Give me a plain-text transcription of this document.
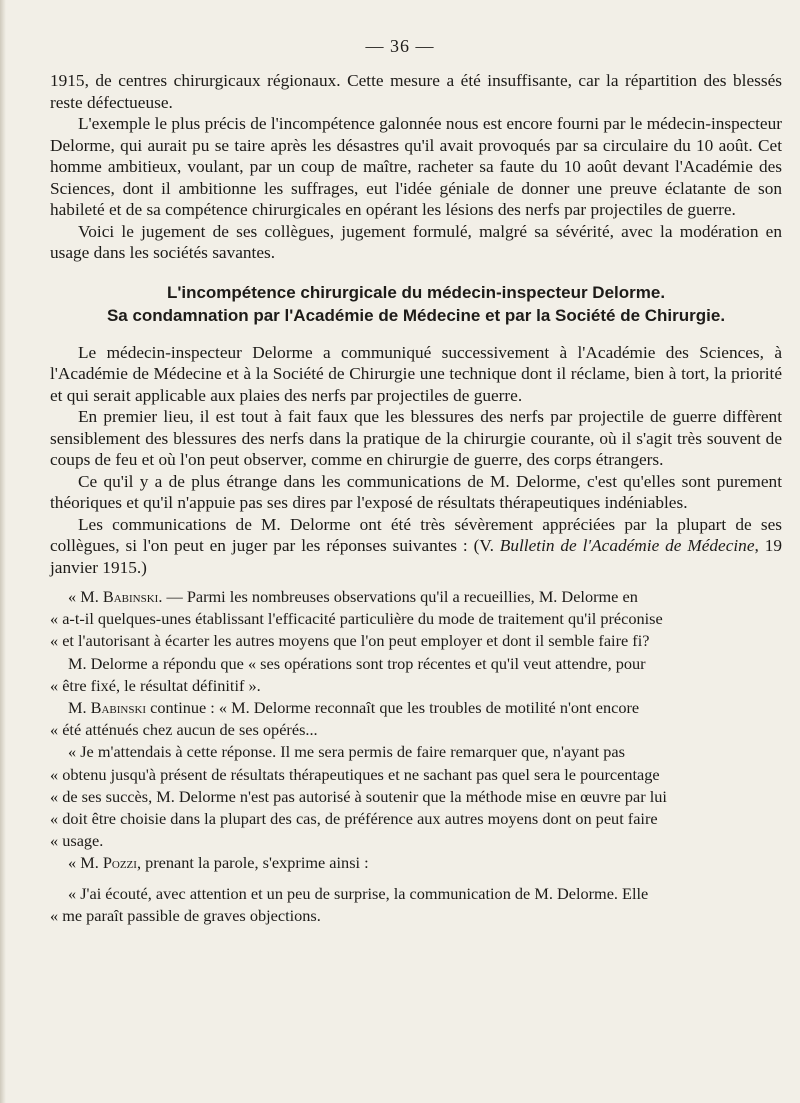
— 36 —

1915, de centres chirurgicaux régionaux. Cette mesure a été insuffisante, car la répartition des blessés reste défectueuse.

L'exemple le plus précis de l'incompétence galonnée nous est encore fourni par le médecin-inspecteur Delorme, qui aurait pu se taire après les désastres qu'il avait provoqués par sa circulaire du 10 août. Cet homme ambitieux, voulant, par un coup de maître, racheter sa faute du 10 août devant l'Académie des Sciences, dont il ambitionne les suffrages, eut l'idée géniale de donner une preuve éclatante de son habileté et de sa compétence chirurgicales en opérant les lésions des nerfs par projectiles de guerre.

Voici le jugement de ses collègues, jugement formulé, malgré sa sévérité, avec la modération en usage dans les sociétés savantes.

L'incompétence chirurgicale du médecin-inspecteur Delorme.
Sa condamnation par l'Académie de Médecine et par la Société de Chirurgie.

Le médecin-inspecteur Delorme a communiqué successivement à l'Académie des Sciences, à l'Académie de Médecine et à la Société de Chirurgie une technique dont il réclame, bien à tort, la priorité et qui serait applicable aux plaies des nerfs par projectiles de guerre.

En premier lieu, il est tout à fait faux que les blessures des nerfs par projectile de guerre diffèrent sensiblement des blessures des nerfs dans la pratique de la chirurgie courante, où il s'agit très souvent de coups de feu et où l'on peut observer, comme en chirurgie de guerre, des corps étrangers.

Ce qu'il y a de plus étrange dans les communications de M. Delorme, c'est qu'elles sont purement théoriques et qu'il n'appuie pas ses dires par l'exposé de résultats thérapeutiques indéniables.

Les communications de M. Delorme ont été très sévèrement appréciées par la plupart de ses collègues, si l'on peut en juger par les réponses suivantes : (V. Bulletin de l'Académie de Médecine, 19 janvier 1915.)

« M. Babinski. — Parmi les nombreuses observations qu'il a recueillies, M. Delorme en

« a-t-il quelques-unes établissant l'efficacité particulière du mode de traitement qu'il préconise

« et l'autorisant à écarter les autres moyens que l'on peut employer et dont il semble faire fi?

M. Delorme a répondu que « ses opérations sont trop récentes et qu'il veut attendre, pour

« être fixé, le résultat définitif ».

M. Babinski continue : « M. Delorme reconnaît que les troubles de motilité n'ont encore

« été atténués chez aucun de ses opérés...

« Je m'attendais à cette réponse. Il me sera permis de faire remarquer que, n'ayant pas

« obtenu jusqu'à présent de résultats thérapeutiques et ne sachant pas quel sera le pourcentage

« de ses succès, M. Delorme n'est pas autorisé à soutenir que la méthode mise en œuvre par lui

« doit être choisie dans la plupart des cas, de préférence aux autres moyens dont on peut faire

« usage.

« M. Pozzi, prenant la parole, s'exprime ainsi :

« J'ai écouté, avec attention et un peu de surprise, la communication de M. Delorme. Elle

« me paraît passible de graves objections.
